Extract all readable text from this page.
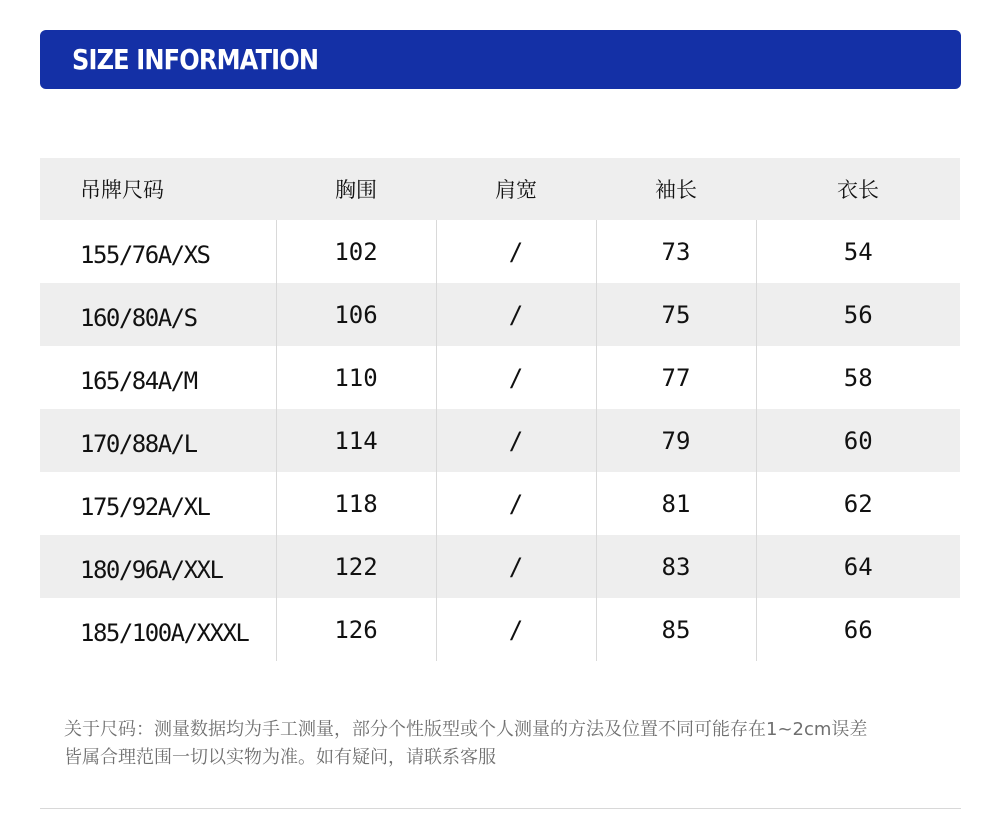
SIZE INFORMATION
吊牌尺码	胸围	肩宽	袖长	衣长
155/76A/XS	102	/	73	54
160/80A/S	106	/	75	56
165/84A/M	110	/	77	58
170/88A/L	114	/	79	60
175/92A/XL	118	/	81	62
180/96A/XXL	122	/	83	64
185/100A/XXXL	126	/	85	66
关于尺码：测量数据均为手工测量，部分个性版型或个人测量的方法及位置不同可能存在1~2cm误差
皆属合理范围一切以实物为准。如有疑问，请联系客服
